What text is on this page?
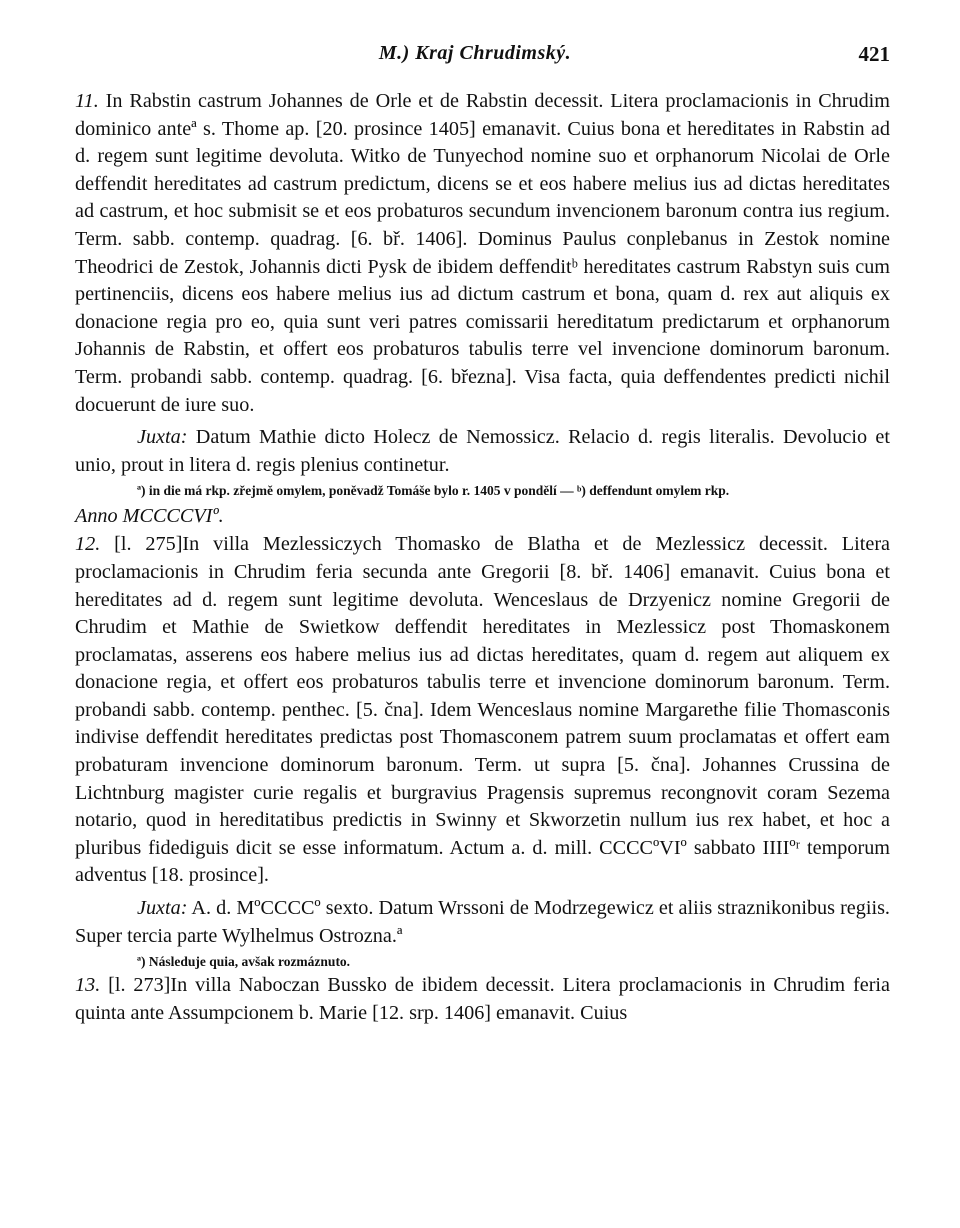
M.) Kraj Chrudimský.	421

11. In Rabstin castrum Johannes de Orle et de Rabstin decessit. Litera proclamacionis in Chrudim dominico anteª s. Thome ap. [20. prosince 1405] emanavit. Cuius bona et hereditates in Rabstin ad d. regem sunt legitime devoluta. Witko de Tunyechod nomine suo et orphanorum Nicolai de Orle deffendit hereditates ad castrum predictum, dicens se et eos habere melius ius ad dictas hereditates ad castrum, et hoc submisit se et eos probaturos secundum invencionem baronum contra ius regium. Term. sabb. contemp. quadrag. [6. bř. 1406]. Dominus Paulus conplebanus in Zestok nomine Theodrici de Zestok, Johannis dicti Pysk de ibidem deffenditᵇ hereditates castrum Rabstyn suis cum pertinenciis, dicens eos habere melius ius ad dictum castrum et bona, quam d. rex aut aliquis ex donacione regia pro eo, quia sunt veri patres comissarii hereditatum predictarum et orphanorum Johannis de Rabstin, et offert eos probaturos tabulis terre vel invencione dominorum baronum. Term. probandi sabb. contemp. quadrag. [6. března]. Visa facta, quia deffendentes predicti nichil docuerunt de iure suo.

Juxta: Datum Mathie dicto Holecz de Nemossicz. Relacio d. regis literalis. Devolucio et unio, prout in litera d. regis plenius continetur.

ª) in die má rkp. zřejmě omylem, poněvadž Tomáše bylo r. 1405 v pondělí — ᵇ) deffendunt omylem rkp.

Anno MCCCCVIº.

12. [l. 275]In villa Mezlessiczych Thomasko de Blatha et de Mezlessicz decessit. Litera proclamacionis in Chrudim feria secunda ante Gregorii [8. bř. 1406] emanavit. Cuius bona et hereditates ad d. regem sunt legitime devoluta. Wenceslaus de Drzyenicz nomine Gregorii de Chrudim et Mathie de Swietkow deffendit hereditates in Mezlessicz post Thomaskonem proclamatas, asserens eos habere melius ius ad dictas hereditates, quam d. regem aut aliquem ex donacione regia, et offert eos probaturos tabulis terre et invencione dominorum baronum. Term. probandi sabb. contemp. penthec. [5. čna]. Idem Wenceslaus nomine Margarethe filie Thomasconis indivise deffendit hereditates predictas post Thomasconem patrem suum proclamatas et offert eam probaturam invencione dominorum baronum. Term. ut supra [5. čna]. Johannes Crussina de Lichtnburg magister curie regalis et burgravius Pragensis supremus recongnovit coram Sezema notario, quod in hereditatibus predictis in Swinny et Skworzetin nullum ius rex habet, et hoc a pluribus fidediguis dicit se esse informatum. Actum a. d. mill. CCCCºVIº sabbato IIIIºʳ temporum adventus [18. prosince].

Juxta: A. d. MºCCCCº sexto. Datum Wrssoni de Modrzegewicz et aliis straznikonibus regiis. Super tercia parte Wylhelmus Ostrozna.ª

ª) Následuje quia, avšak rozmáznuto.

13. [l. 273]In villa Naboczan Bussko de ibidem decessit. Litera proclamacionis in Chrudim feria quinta ante Assumpcionem b. Marie [12. srp. 1406] emanavit. Cuius
